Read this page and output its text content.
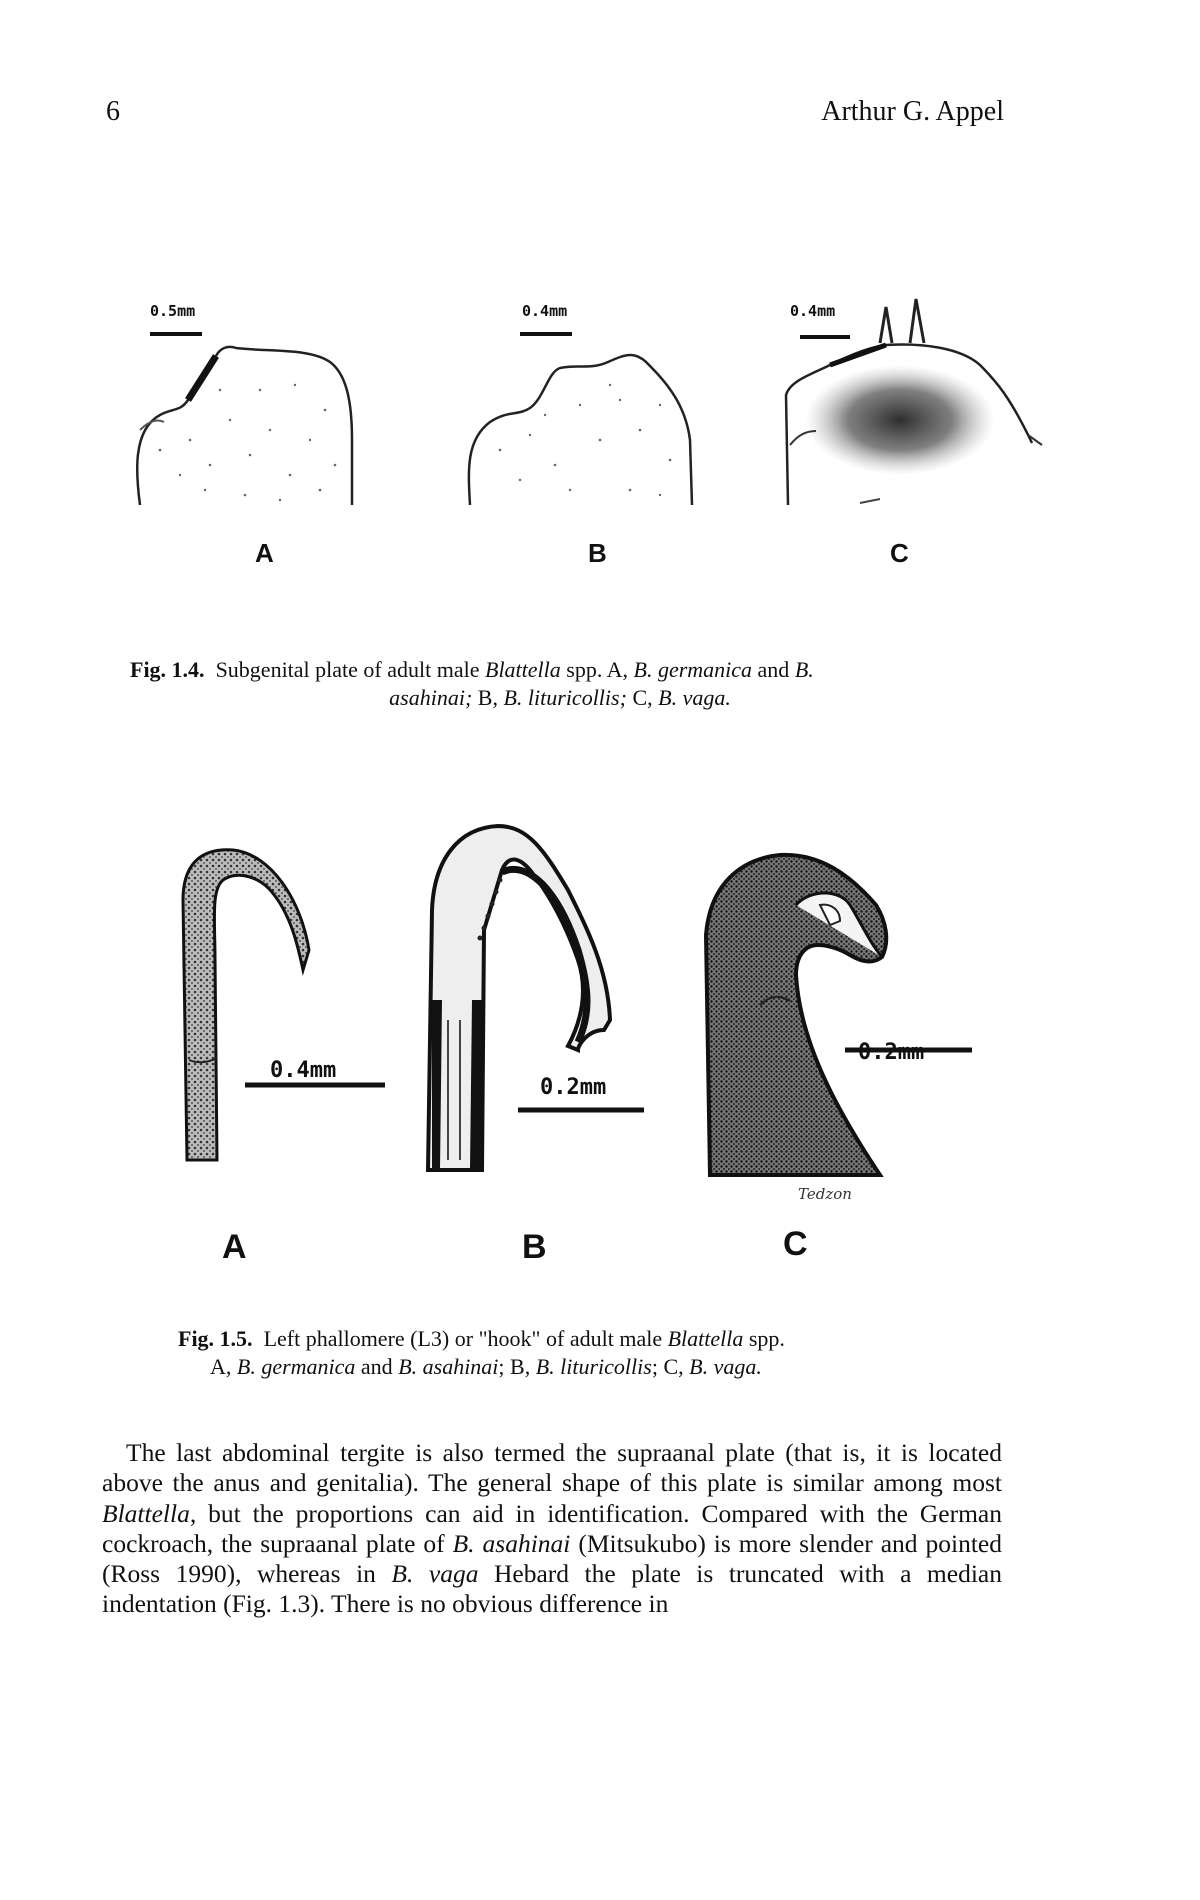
6	Arthur G. Appel
0.5mm
A
0.4mm
B
0.4mm
C
Fig. 1.4. Subgenital plate of adult male Blattella spp. A, B. germanica and B.
asahinai; B, B. lituricollis; C, B. vaga.
0.4mm
A
0.2mm
B
0.2mm
Tedzon
C
Fig. 1.5. Left phallomere (L3) or "hook" of adult male Blattella spp.
A, B. germanica and B. asahinai; B, B. lituricollis; C, B. vaga.

The last abdominal tergite is also termed the supraanal plate (that is, it is located above the anus and genitalia). The general shape of this plate is similar among most Blattella, but the proportions can aid in identification. Compared with the German cockroach, the supraanal plate of B. asahinai (Mitsukubo) is more slender and pointed (Ross 1990), whereas in B. vaga Hebard the plate is truncated with a median indentation (Fig. 1.3). There is no obvious difference in
